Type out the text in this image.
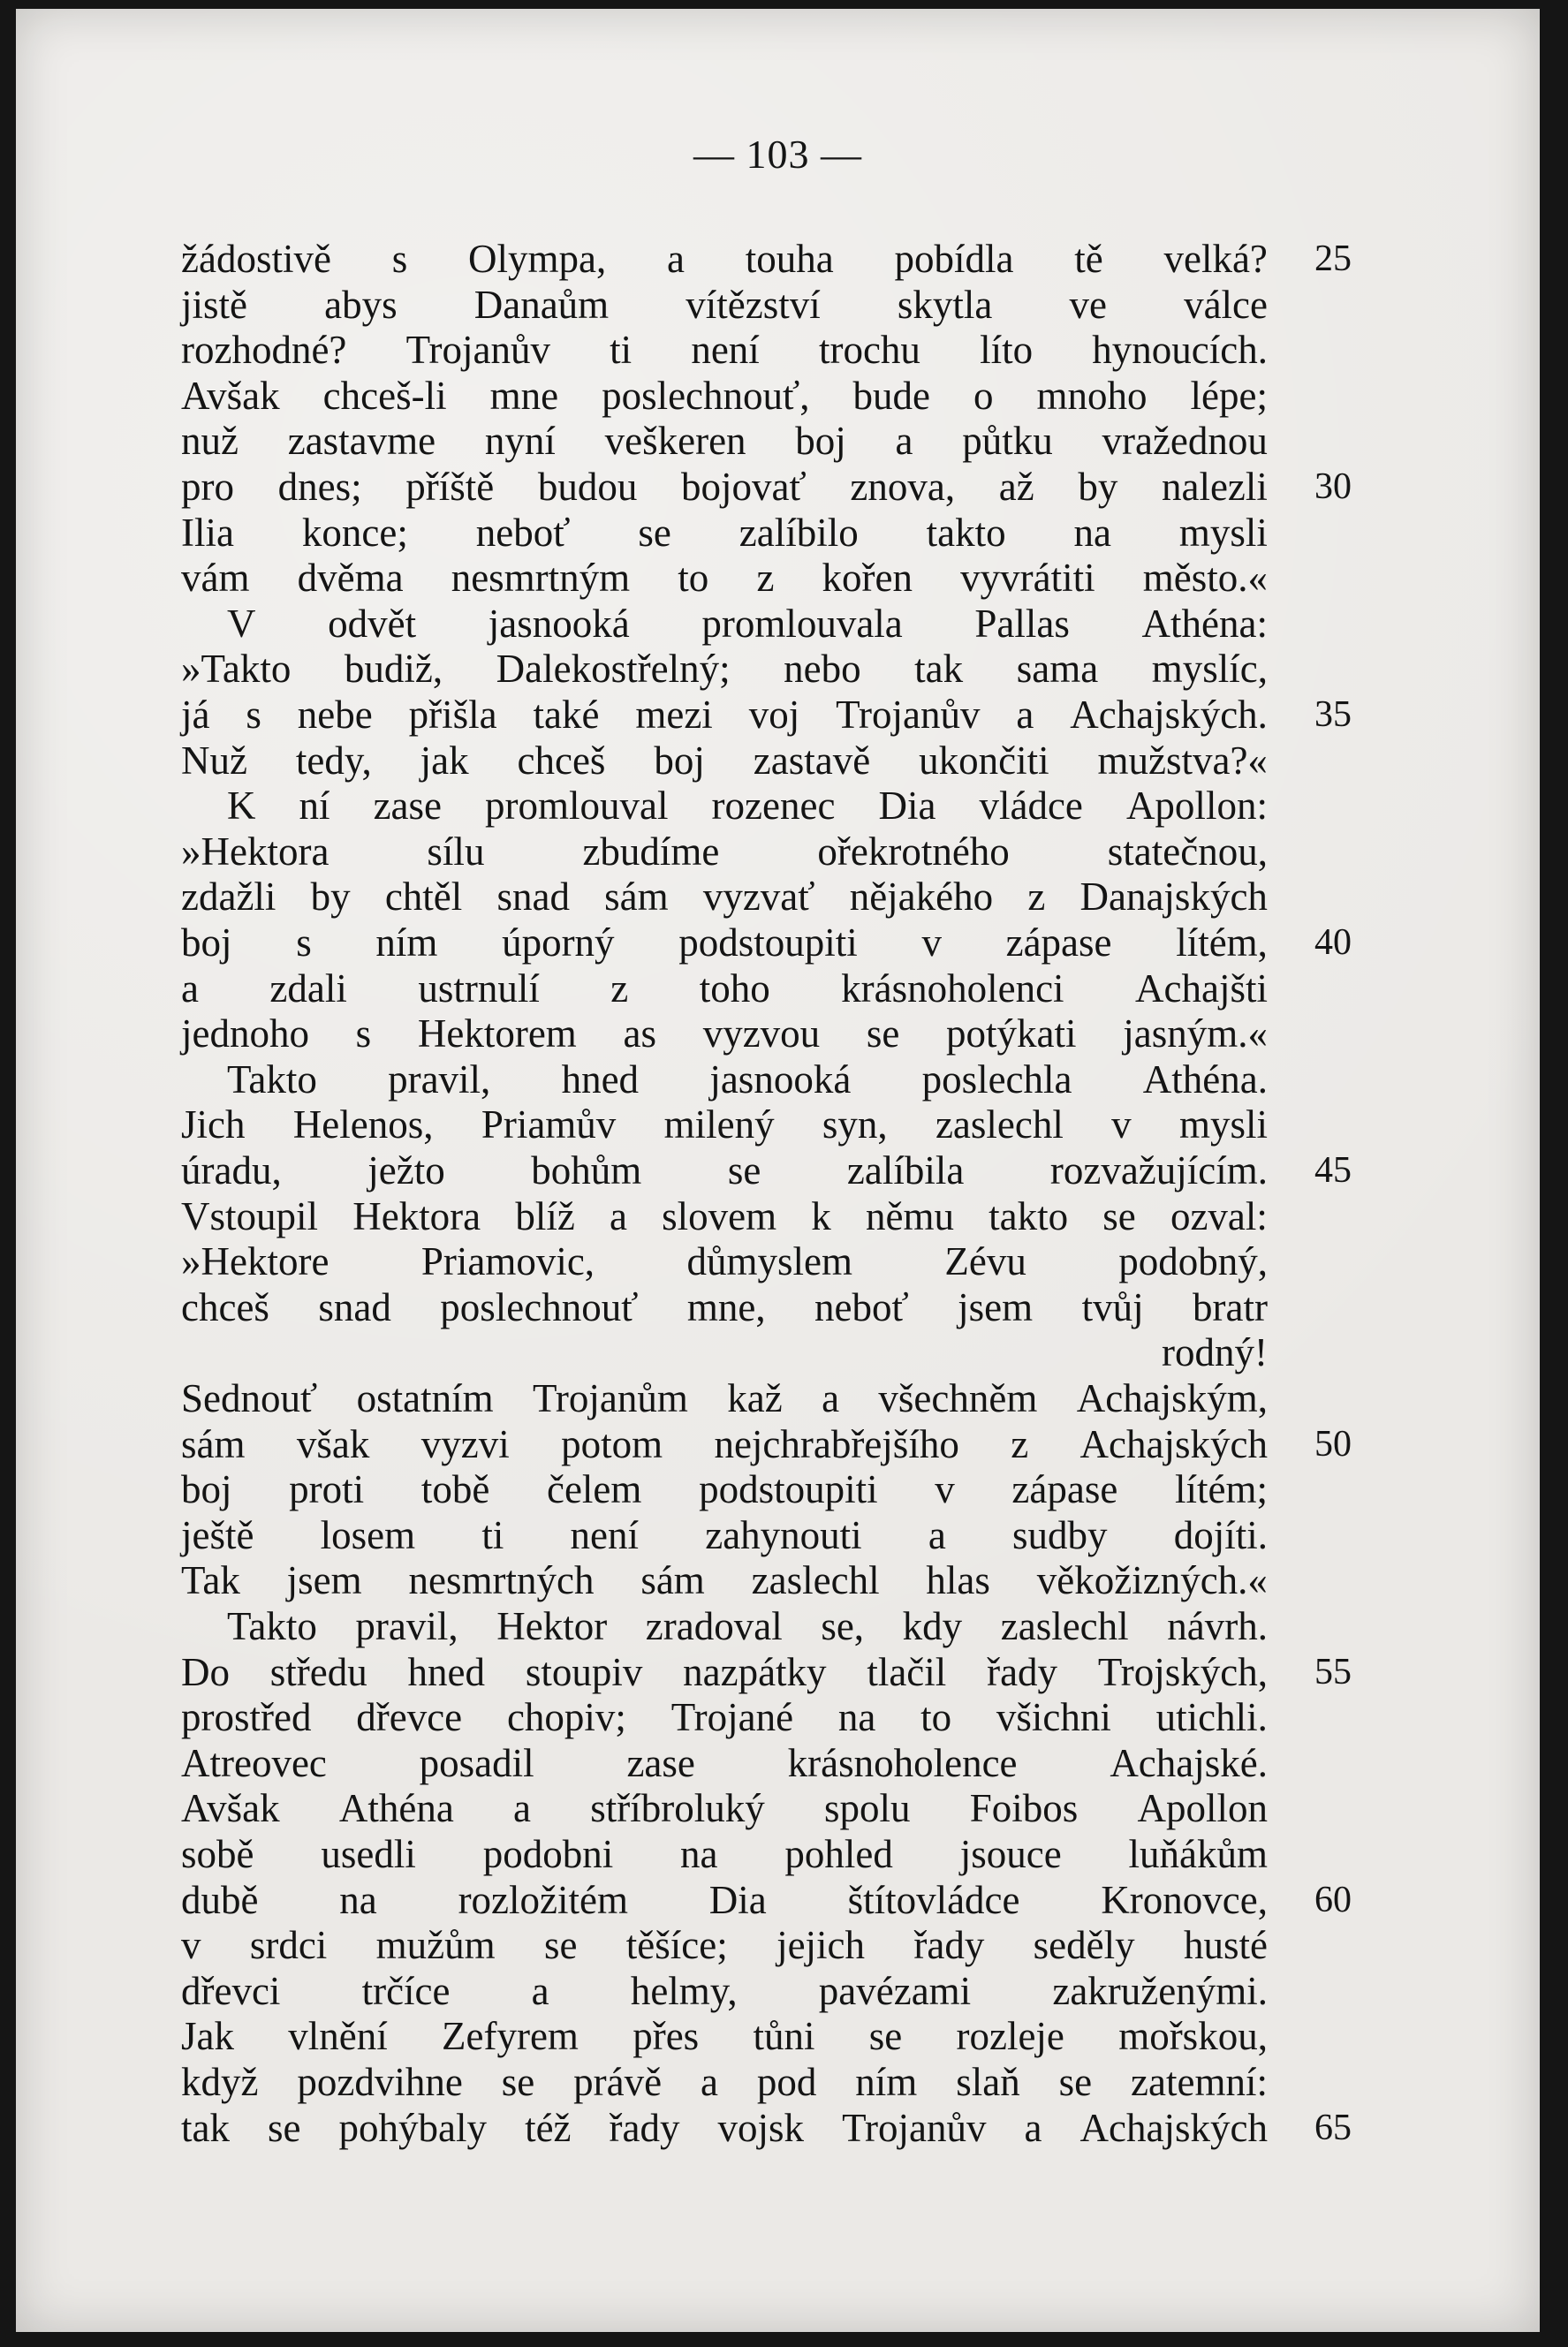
— 103 —
žádostivě s Olympa, a touha pobídla tě velká?	25
jistě abys Danaům vítězství skytla ve válce
rozhodné? Trojanův ti není trochu líto hynoucích.
Avšak chceš-li mne poslechnouť, bude o mnoho lépe;
nuž zastavme nyní veškeren boj a půtku vražednou
pro dnes; příště budou bojovať znova, až by nalezli	30
Ilia konce; neboť se zalíbilo takto na mysli
vám dvěma nesmrtným to z kořen vyvrátiti město.«
V odvět jasnooká promlouvala Pallas Athéna:
»Takto budiž, Dalekostřelný; nebo tak sama myslíc,
já s nebe přišla také mezi voj Trojanův a Achajských.	35
Nuž tedy, jak chceš boj zastavě ukončiti mužstva?«
K ní zase promlouval rozenec Dia vládce Apollon:
»Hektora sílu zbudíme ořekrotného statečnou,
zdažli by chtěl snad sám vyzvať nějakého z Danajských
boj s ním úporný podstoupiti v zápase lítém,	40
a zdali ustrnulí z toho krásnoholenci Achajšti
jednoho s Hektorem as vyzvou se potýkati jasným.«
Takto pravil, hned jasnooká poslechla Athéna.
Jich Helenos, Priamův milený syn, zaslechl v mysli
úradu, ježto bohům se zalíbila rozvažujícím.	45
Vstoupil Hektora blíž a slovem k němu takto se ozval:
»Hektore Priamovic, důmyslem Zévu podobný,
chceš snad poslechnouť mne, neboť jsem tvůj bratr
rodný!
Sednouť ostatním Trojanům kaž a všechněm Achajským,
sám však vyzvi potom nejchrabřejšího z Achajských	50
boj proti tobě čelem podstoupiti v zápase lítém;
ještě losem ti není zahynouti a sudby dojíti.
Tak jsem nesmrtných sám zaslechl hlas věkožizných.«
Takto pravil, Hektor zradoval se, kdy zaslechl návrh.
Do středu hned stoupiv nazpátky tlačil řady Trojských,	55
prostřed dřevce chopiv; Trojané na to všichni utichli.
Atreovec posadil zase krásnoholence Achajské.
Avšak Athéna a stříbroluký spolu Foibos Apollon
sobě usedli podobni na pohled jsouce luňákům
dubě na rozložitém Dia štítovládce Kronovce,	60
v srdci mužům se těšíce; jejich řady seděly husté
dřevci trčíce a helmy, pavézami zakruženými.
Jak vlnění Zefyrem přes tůni se rozleje mořskou,
když pozdvihne se právě a pod ním slaň se zatemní:
tak se pohýbaly též řady vojsk Trojanův a Achajských	65
